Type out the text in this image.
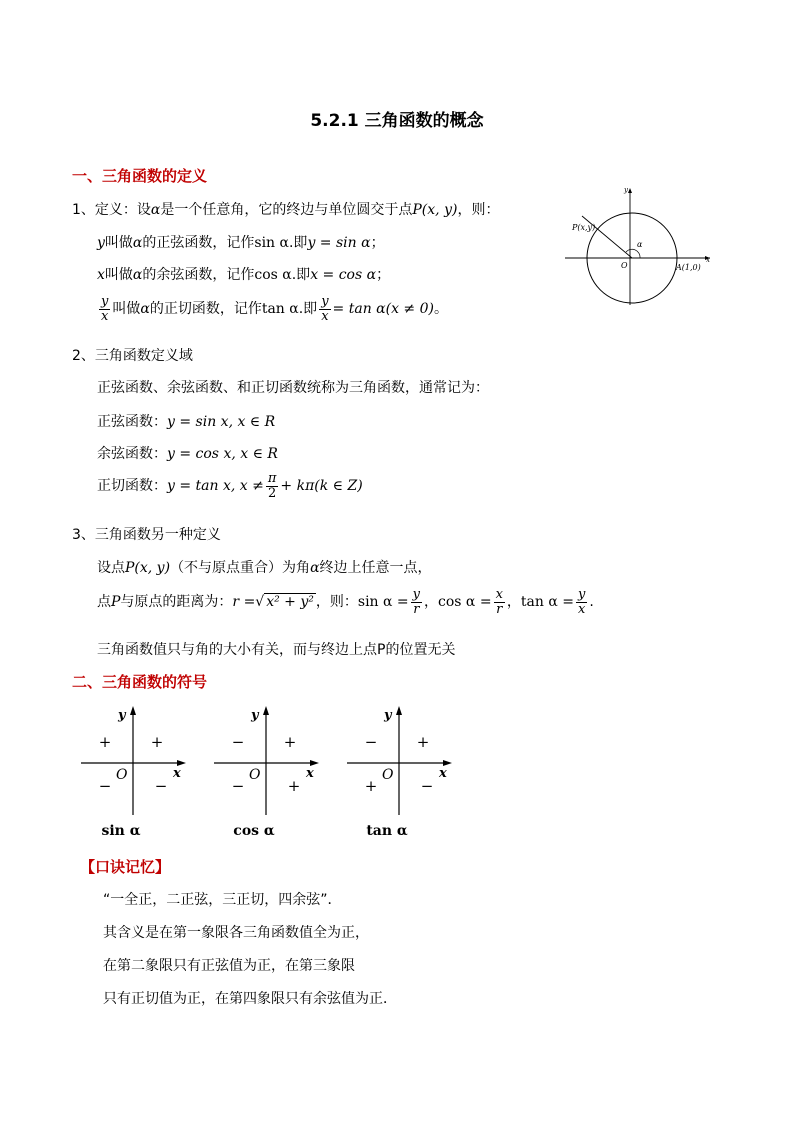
5.2.1 三角函数的概念
一、三角函数的定义
1、定义：设α是一个任意角，它的终边与单位圆交于点P(x, y)，则：
y叫做α的正弦函数，记作sin α.即y = sin α；
x叫做α的余弦函数，记作cos α.即x = cos α；
$\frac{y}{x}$ 叫做α的正切函数，记作tan α.即 $\frac{y}{x} = \tan \alpha(x \ne 0)$。
P(x,y)
A(1,0)
α
O
x
y
2、三角函数定义域
正弦函数、余弦函数、和正切函数统称为三角函数，通常记为：
正弦函数：y = sin x, x ∈ R
余弦函数：y = cos x, x ∈ R
正切函数：y = tan x, $x \ne \frac{\pi}{2} + k\pi(k$ ∈ Z)
3、三角函数另一种定义
设点P(x, y)（不与原点重合）为角α终边上任意一点，
点P与原点的距离为：r =√ x² + y² ，则：$\sin \alpha = \frac{y}{r}$ ，$\cos \alpha = \frac{x}{r}$ ，$\tan \alpha = \frac{y}{x}$ .
三角函数值只与角的大小有关，而与终边上点P的位置无关
二、三角函数的符号
y
x
O
+
+
−	−
sin α
y
x
O
+
−
−	+
cos α
y
x
O
+
−
+	−
tan α
【口诀记忆】
“一全正，二正弦，三正切，四余弦”．
其含义是在第一象限各三角函数值全为正，
在第二象限只有正弦值为正，在第三象限
只有正切值为正，在第四象限只有余弦值为正．
